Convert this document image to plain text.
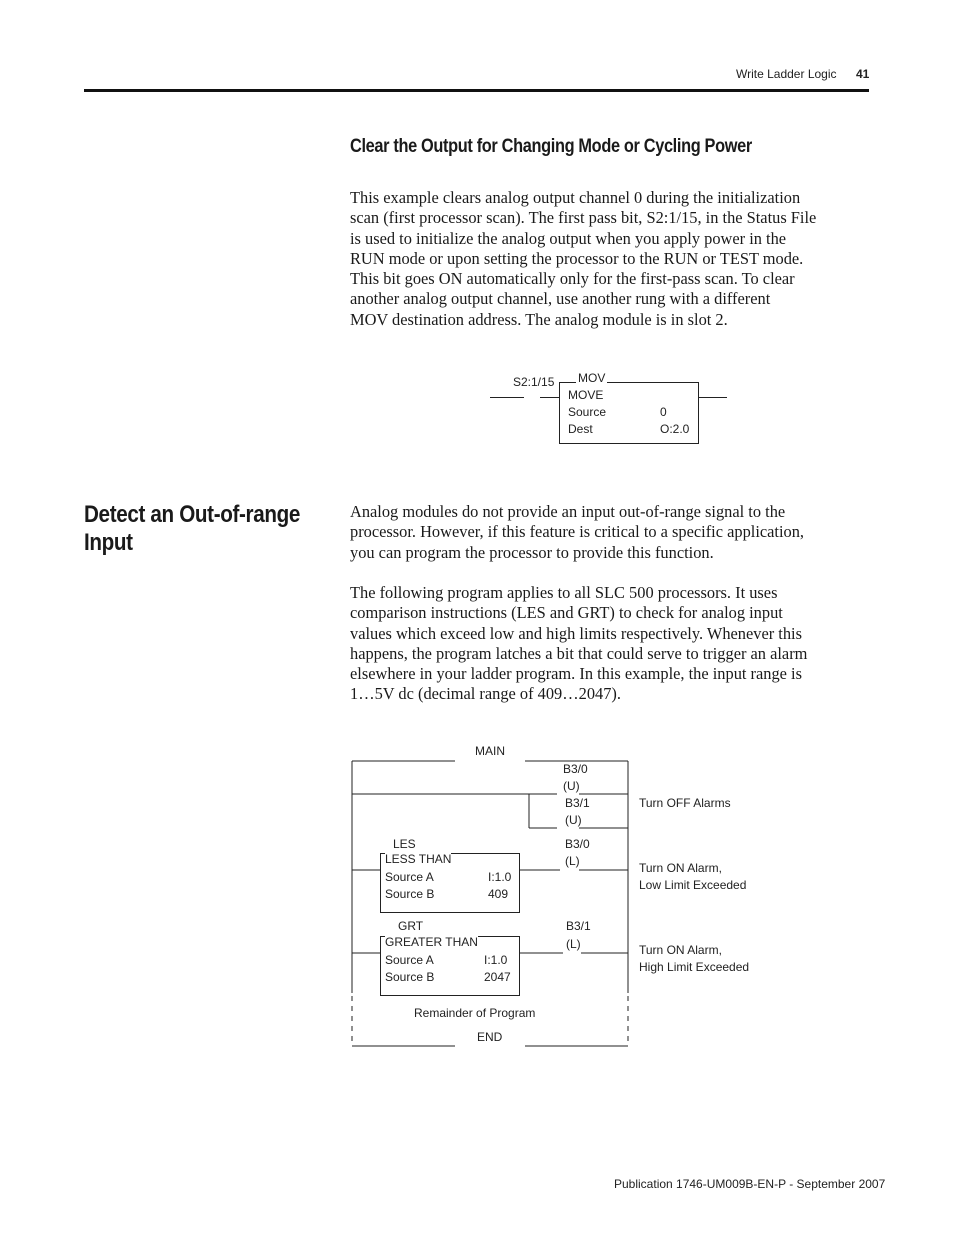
Write Ladder Logic 41
Clear the Output for Changing Mode or Cycling Power
This example clears analog output channel 0 during the initialization
scan (first processor scan). The first pass bit, S2:1/15, in the Status File
is used to initialize the analog output when you apply power in the
RUN mode or upon setting the processor to the RUN or TEST mode.
This bit goes ON automatically only for the first-pass scan. To clear
another analog output channel, use another rung with a different
MOV destination address. The analog module is in slot 2.
S2:1/15 MOV
MOVE
Source	0
Dest	O:2.0
Detect an Out-of-range Input
Analog modules do not provide an input out-of-range signal to the
processor. However, if this feature is critical to a specific application,
you can program the processor to provide this function.
The following program applies to all SLC 500 processors. It uses
comparison instructions (LES and GRT) to check for analog input
values which exceed low and high limits respectively. Whenever this
happens, the program latches a bit that could serve to trigger an alarm
elsewhere in your ladder program. In this example, the input range is
1…5V dc (decimal range of 409…2047).
MAIN
B3/0
(U)
B3/1
(U)
Turn OFF Alarms
LES
LESS THAN
Source A	I:1.0
Source B	409
B3/0
(L)	Turn ON Alarm,
Low Limit Exceeded
GRT
GREATER THAN
Source A	I:1.0
Source B	2047
B3/1
(L)	Turn ON Alarm,
High Limit Exceeded
Remainder of Program
END
Publication 1746-UM009B-EN-P - September 2007
